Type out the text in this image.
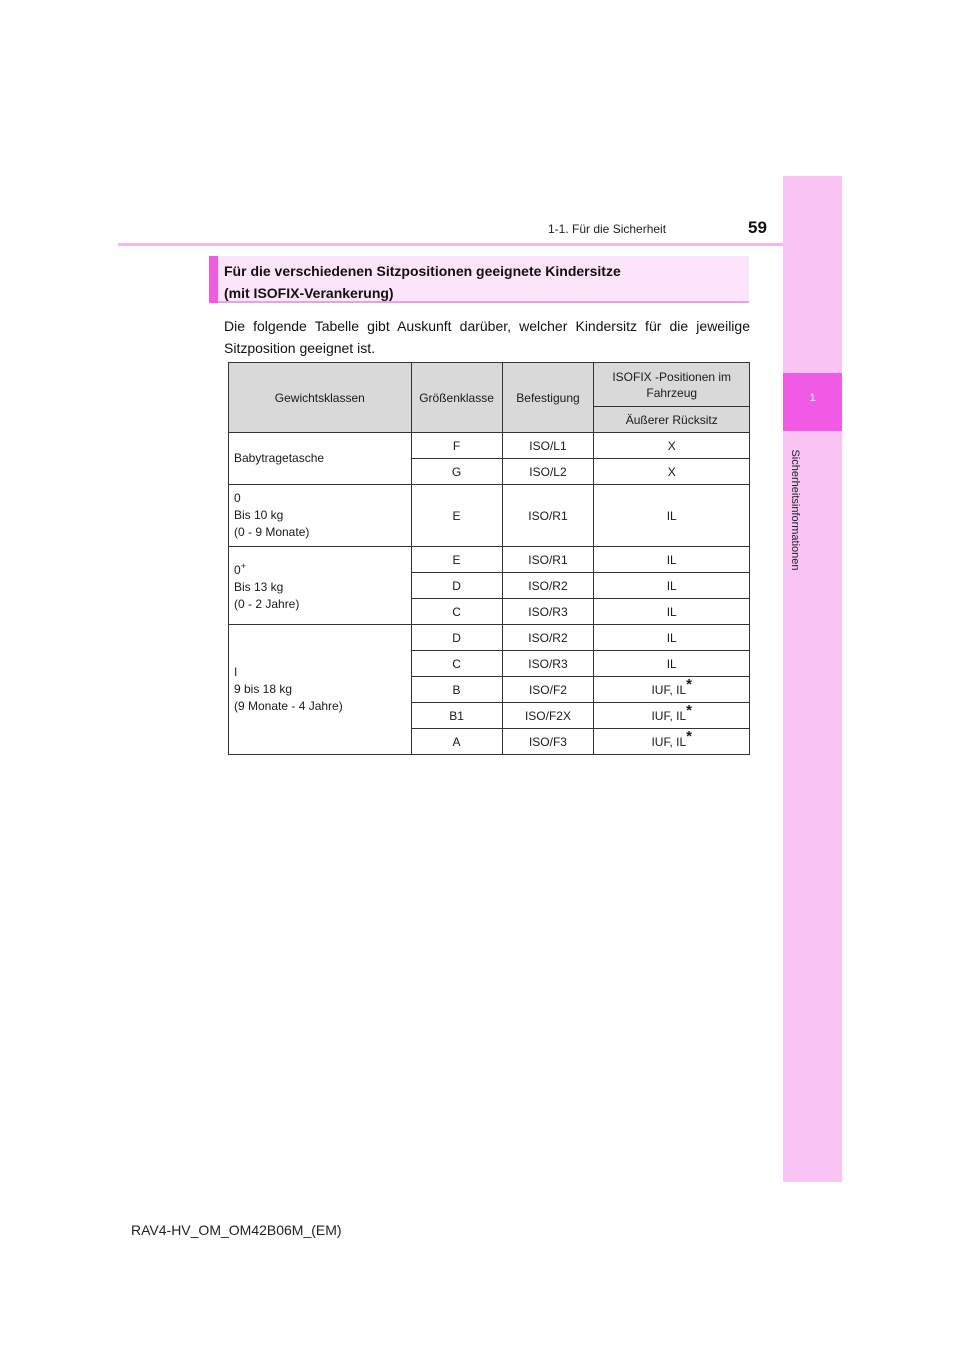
1
Sicherheitsinformationen
1-1. Für die Sicherheit	59
Für die verschiedenen Sitzpositionen geeignete Kindersitze
(mit ISOFIX-Verankerung)
Die folgende Tabelle gibt Auskunft darüber, welcher Kindersitz für die jeweilige Sitzposition geeignet ist.
Gewichtsklassen	Größenklasse	Befestigung	ISOFIX -Positionen im Fahrzeug
			Äußerer Rücksitz

Babytragetasche	F	ISO/L1	X
	G	ISO/L2	X

0
Bis 10 kg
(0 - 9 Monate)	E	ISO/R1	IL

0+
Bis 13 kg
(0 - 2 Jahre)	E	ISO/R1	IL
	D	ISO/R2	IL
	C	ISO/R3	IL

I
9 bis 18 kg
(9 Monate - 4 Jahre)	D	ISO/R2	IL
	C	ISO/R3	IL
	B	ISO/F2	IUF, IL*
	B1	ISO/F2X	IUF, IL*
	A	ISO/F3	IUF, IL*
RAV4-HV_OM_OM42B06M_(EM)
